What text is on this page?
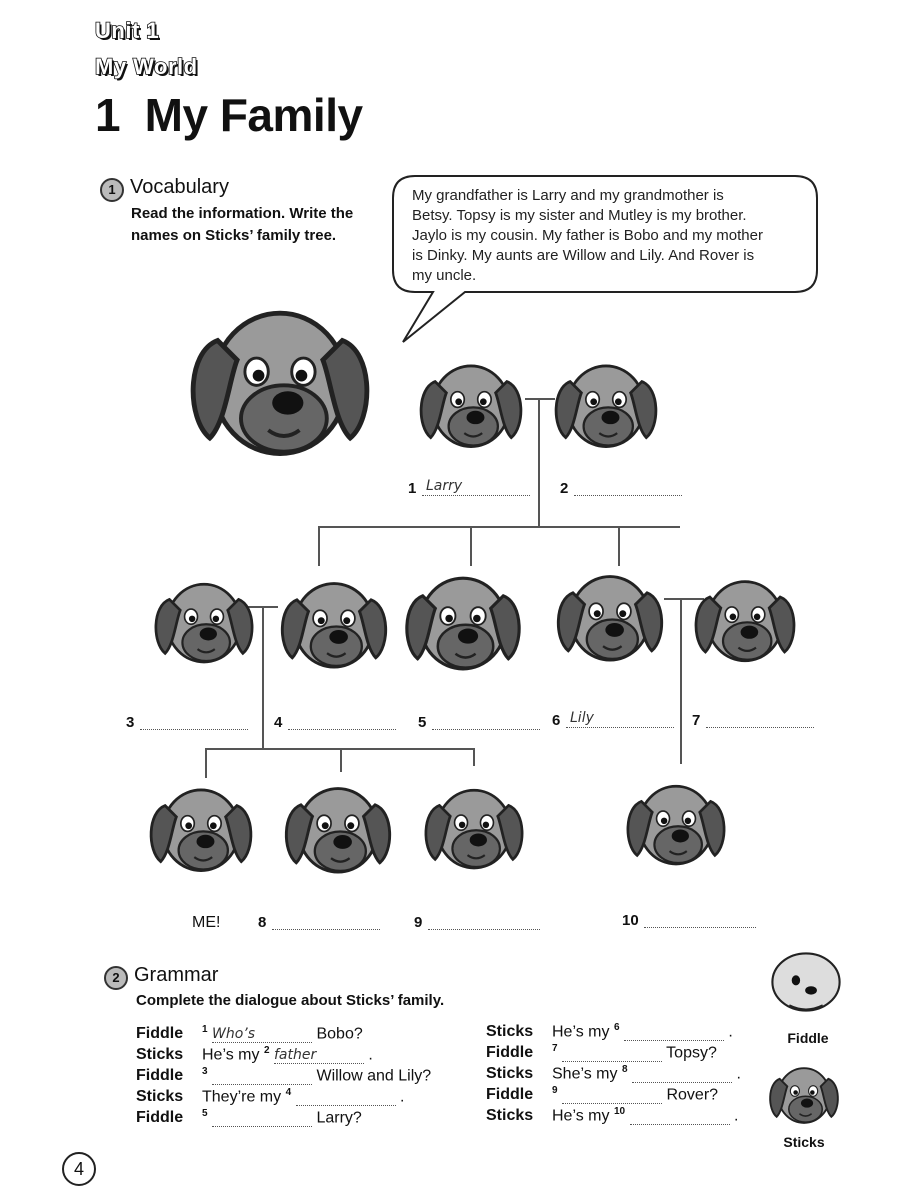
Unit 1
My World
1  My Family
1 Vocabulary
Read the information. Write the
names on Sticks’ family tree.
My grandfather is Larry and my grandmother is
Betsy. Topsy is my sister and Mutley is my brother.
Jaylo is my cousin. My father is Bobo and my mother
is Dinky. My aunts are Willow and Lily. And Rover is
my uncle.
1 Larry	2
3	4	5	6 Lily	7
ME!	8	9	10
2 Grammar
Complete the dialogue about Sticks’ family.
Fiddle $^1$ Who’s	Bobo?
Sticks He’s my $^2$ father	.
Fiddle $^3$	Willow and Lily?
Sticks They’re my $^4$	.
Fiddle $^5$	Larry?
Sticks He’s my $^6$	.
Fiddle $^7$	Topsy?
Sticks She’s my $^8$	.
Fiddle $^9$	Rover?
Sticks He’s my $^{10}$	.
Fiddle
Sticks
4
